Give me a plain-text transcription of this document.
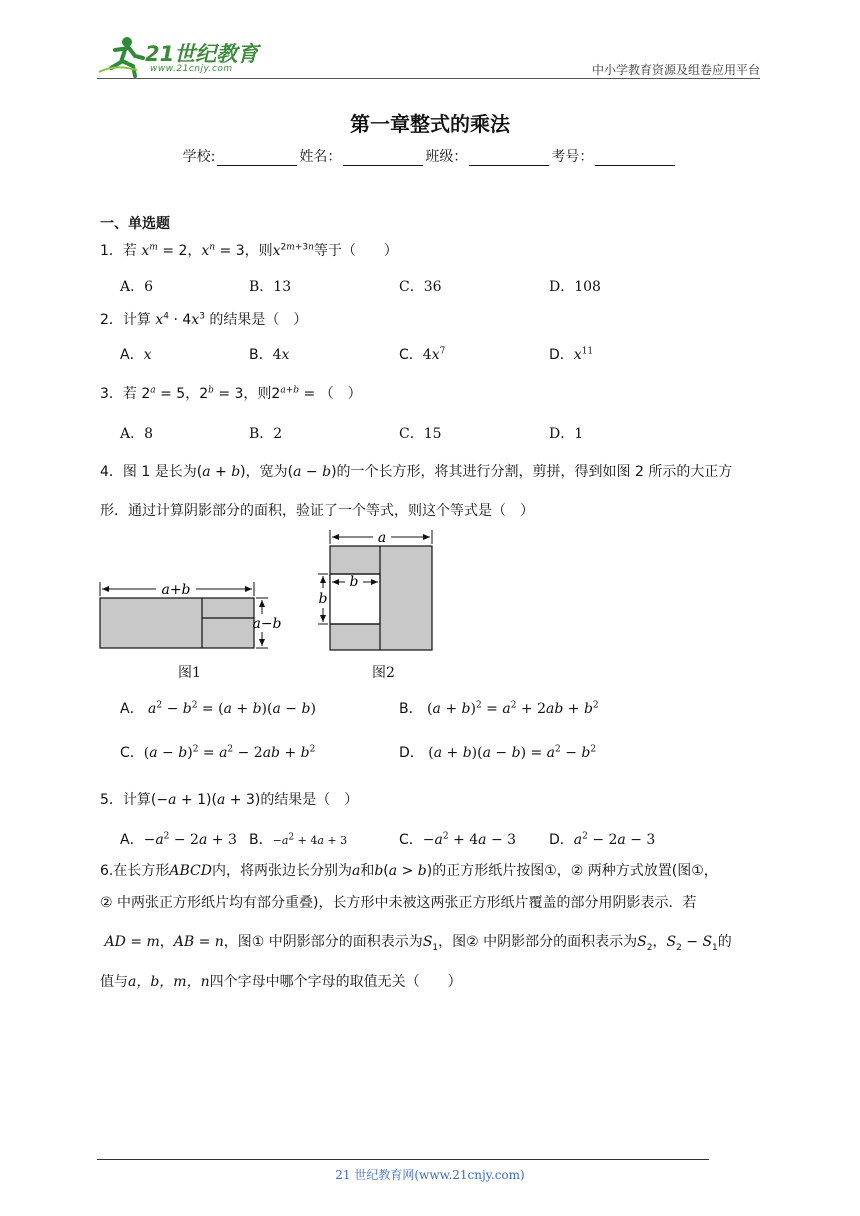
21世纪教育
www.21cnjy.com	中小学教育资源及组卷应用平台
第一章整式的乘法
学校:	姓名：	班级：	考号：
一、单选题
1．若 $x^m = 2$，$x^n = 3$，则$x^{2m+3n}$等于（　　）
A．6	B．13	C．36	D．108
2．计算 $x^4 \cdot 4x^3$ 的结果是（　）
A．x	B．4x	C．$4x^7$	D．$x^{11}$
3．若 $2^a = 5$，$2^b = 3$，则$2^{a+b}$ = （　）
A．8	B．2	C．15	D．1
4．图 1 是长为(a + b)，宽为(a − b)的一个长方形，将其进行分割，剪拼，得到如图 2 所示的大正方
形．通过计算阴影部分的面积，验证了一个等式，则这个等式是（　）
a+b
a−b
图1
a
b
b
图2
A． $a^2 - b^2 = (a + b)(a - b)$	B． $(a + b)^2 = a^2 + 2ab + b^2$
C．$(a - b)^2 = a^2 - 2ab + b^2$	D． $(a + b)(a - b) = a^2 - b^2$
5．计算(−a + 1)(a + 3)的结果是（　）
A．$-a^2 - 2a + 3$ B．$-a^2 + 4a + 3$	C．$-a^2 + 4a - 3$ D．$a^2 - 2a - 3$
6.在长方形ABCD内，将两张边长分别为a和b(a > b)的正方形纸片按图①，② 两种方式放置(图①，
② 中两张正方形纸片均有部分重叠)，长方形中未被这两张正方形纸片覆盖的部分用阴影表示．若
AD = m，AB = n，图① 中阴影部分的面积表示为$S_1$，图② 中阴影部分的面积表示为$S_2$，$S_2 - S_1$的
值与a，b，m，n四个字母中哪个字母的取值无关（　　）
21 世纪教育网(www.21cnjy.com)
